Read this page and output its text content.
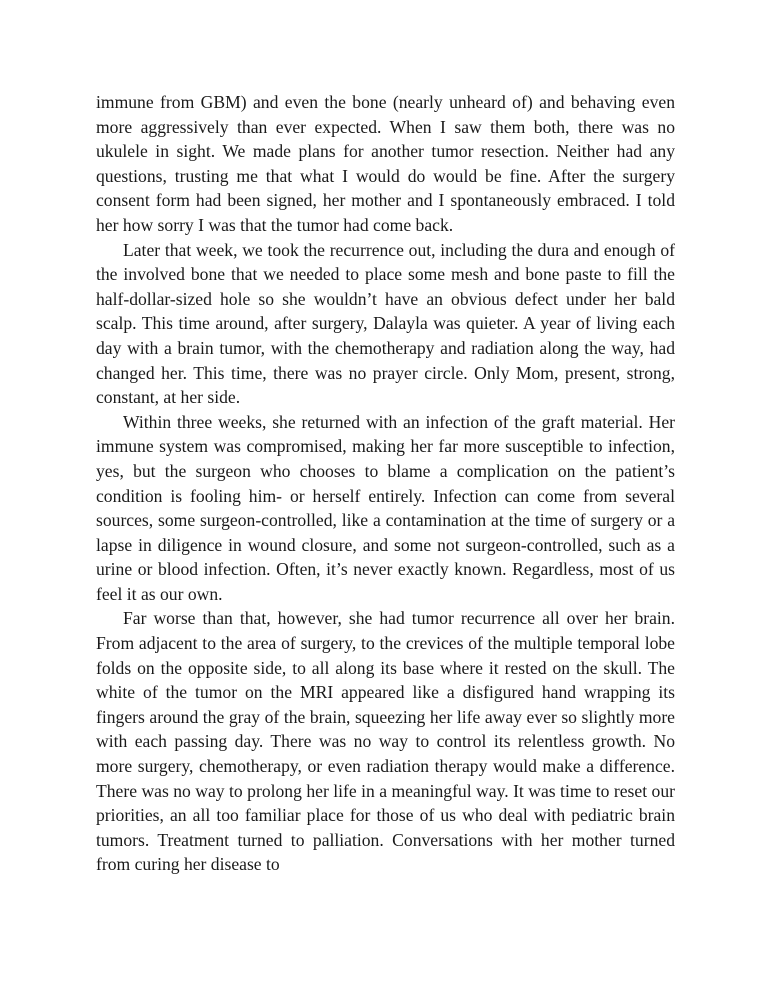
immune from GBM) and even the bone (nearly unheard of) and behaving even more aggressively than ever expected. When I saw them both, there was no ukulele in sight. We made plans for another tumor resection. Neither had any questions, trusting me that what I would do would be fine. After the surgery consent form had been signed, her mother and I spontaneously embraced. I told her how sorry I was that the tumor had come back.

Later that week, we took the recurrence out, including the dura and enough of the involved bone that we needed to place some mesh and bone paste to fill the half-dollar-sized hole so she wouldn’t have an obvious defect under her bald scalp. This time around, after surgery, Dalayla was quieter. A year of living each day with a brain tumor, with the chemotherapy and radiation along the way, had changed her. This time, there was no prayer circle. Only Mom, present, strong, constant, at her side.

Within three weeks, she returned with an infection of the graft material. Her immune system was compromised, making her far more susceptible to infection, yes, but the surgeon who chooses to blame a complication on the patient’s condition is fooling him- or herself entirely. Infection can come from several sources, some surgeon-controlled, like a contamination at the time of surgery or a lapse in diligence in wound closure, and some not surgeon-controlled, such as a urine or blood infection. Often, it’s never exactly known. Regardless, most of us feel it as our own.

Far worse than that, however, she had tumor recurrence all over her brain. From adjacent to the area of surgery, to the crevices of the multiple temporal lobe folds on the opposite side, to all along its base where it rested on the skull. The white of the tumor on the MRI appeared like a disfigured hand wrapping its fingers around the gray of the brain, squeezing her life away ever so slightly more with each passing day. There was no way to control its relentless growth. No more surgery, chemotherapy, or even radiation therapy would make a difference. There was no way to prolong her life in a meaningful way. It was time to reset our priorities, an all too familiar place for those of us who deal with pediatric brain tumors. Treatment turned to palliation. Conversations with her mother turned from curing her disease to
